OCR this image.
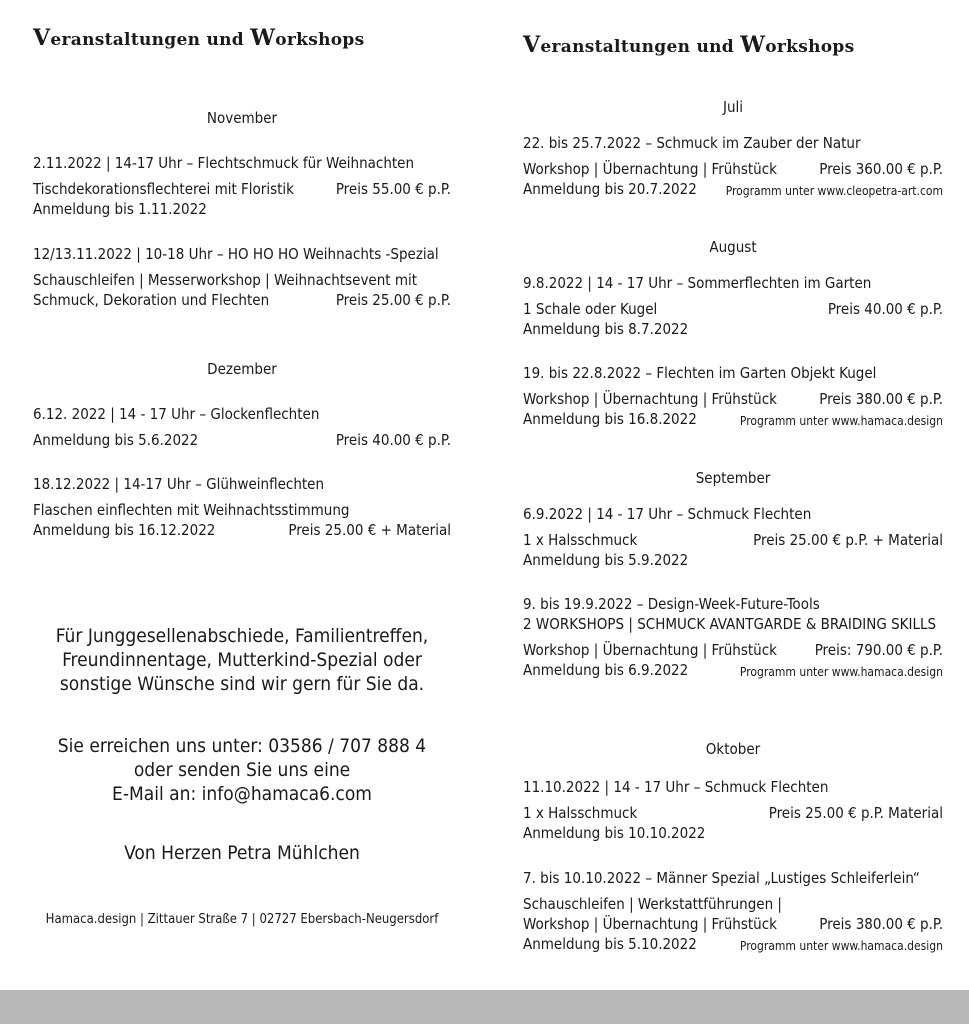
Veranstaltungen und Workshops
November
2.11.2022 | 14-17 Uhr – Flechtschmuck für Weihnachten
Tischdekorationsflechterei mit Floristik	Preis 55.00 € p.P.
Anmeldung bis 1.11.2022
12/13.11.2022 | 10-18 Uhr – HO HO HO Weihnachts -Spezial
Schauschleifen | Messerworkshop | Weihnachtsevent mit
Schmuck, Dekoration und Flechten	Preis 25.00 € p.P.
Dezember
6.12. 2022 | 14 - 17 Uhr – Glockenflechten
Anmeldung bis 5.6.2022	Preis 40.00 € p.P.
18.12.2022 | 14-17 Uhr – Glühweinflechten
Flaschen einflechten mit Weihnachtsstimmung
Anmeldung bis 16.12.2022	Preis 25.00 € + Material
Für Junggesellenabschiede, Familientreffen,
Freundinnentage, Mutterkind-Spezial oder
sonstige Wünsche sind wir gern für Sie da.
Sie erreichen uns unter: 03586 / 707 888 4
oder senden Sie uns eine
E-Mail an: info@hamaca6.com
Von Herzen Petra Mühlchen
Hamaca.design | Zittauer Straße 7 | 02727 Ebersbach-Neugersdorf
Veranstaltungen und Workshops
Juli
22. bis 25.7.2022 – Schmuck im Zauber der Natur
Workshop | Übernachtung | Frühstück	Preis 360.00 € p.P.
Anmeldung bis 20.7.2022 Programm unter www.cleopetra-art.com
August
9.8.2022 | 14 - 17 Uhr – Sommerflechten im Garten
1 Schale oder Kugel	Preis 40.00 € p.P.
Anmeldung bis 8.7.2022
19. bis 22.8.2022 – Flechten im Garten Objekt Kugel
Workshop | Übernachtung | Frühstück	Preis 380.00 € p.P.
Anmeldung bis 16.8.2022	Programm unter www.hamaca.design
September
6.9.2022 | 14 - 17 Uhr – Schmuck Flechten
1 x Halsschmuck	Preis 25.00 € p.P. + Material
Anmeldung bis 5.9.2022
9. bis 19.9.2022 – Design-Week-Future-Tools
2 WORKSHOPS | SCHMUCK AVANTGARDE & BRAIDING SKILLS
Workshop | Übernachtung | Frühstück	Preis: 790.00 € p.P.
Anmeldung bis 6.9.2022	Programm unter www.hamaca.design
Oktober
11.10.2022 | 14 - 17 Uhr – Schmuck Flechten
1 x Halsschmuck	Preis 25.00 € p.P. Material
Anmeldung bis 10.10.2022
7. bis 10.10.2022 – Männer Spezial „Lustiges Schleiferlein“
Schauschleifen | Werkstattführungen |
Workshop | Übernachtung | Frühstück	Preis 380.00 € p.P.
Anmeldung bis 5.10.2022	Programm unter www.hamaca.design
